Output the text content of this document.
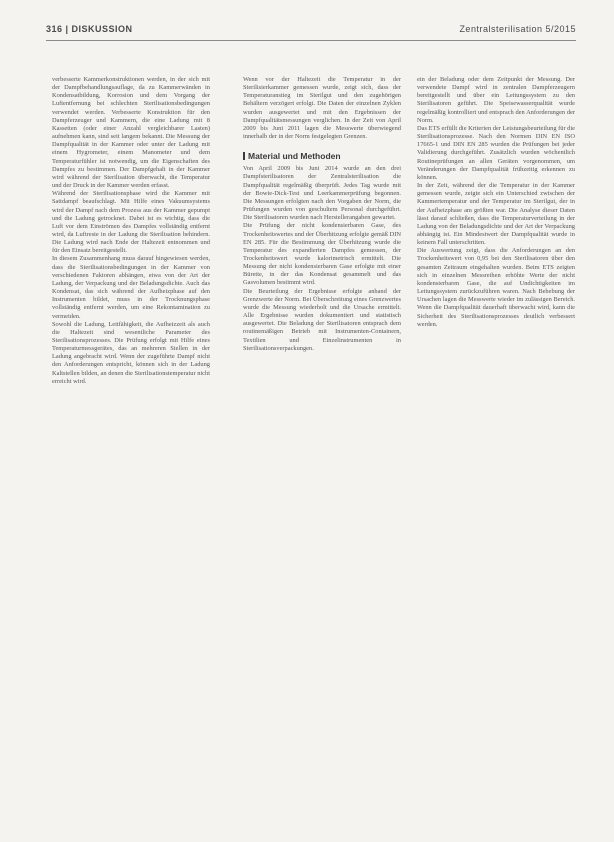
316 | DISKUSSION	Zentralsterilisation 5/2015

verbesserte Kammerkonstruktionen werden, in der sich mit der Dampfbehandlungsauflage, da zu Kammerwänden in Kondensatbildung, Korrosion und dem Vorgang der Luftentfernung bei schlechten Sterilisationsbedingungen verwendet werden. Verbesserte Konstruktion für den Dampferzeuger und Kammern, die eine Ladung mit 8 Kassetten (oder einer Anzahl vergleichbarer Lasten) aufnehmen kann, sind seit langem bekannt. Die Messung der Dampfqualität in der Kammer oder unter der Ladung mit einem Hygrometer, einem Manometer und dem Temperaturfühler ist notwendig, um die Eigenschaften des Dampfes zu bestimmen. Der Dampfgehalt in der Kammer wird während der Sterilisation überwacht, die Temperatur und der Druck in der Kammer werden erfasst.

Während der Sterilisationsphase wird die Kammer mit Sattdampf beaufschlagt. Mit Hilfe eines Vakuumsystems wird der Dampf nach dem Prozess aus der Kammer gepumpt und die Ladung getrocknet. Dabei ist es wichtig, dass die Luft vor dem Einströmen des Dampfes vollständig entfernt wird, da Luftreste in der Ladung die Sterilisation behindern. Die Ladung wird nach Ende der Haltezeit entnommen und für den Einsatz bereitgestellt.

In diesem Zusammenhang muss darauf hingewiesen werden, dass die Sterilisationsbedingungen in der Kammer von verschiedenen Faktoren abhängen, etwa von der Art der Ladung, der Verpackung und der Beladungsdichte. Auch das Kondensat, das sich während der Aufheizphase auf den Instrumenten bildet, muss in der Trocknungsphase vollständig entfernt werden, um eine Rekontamination zu vermeiden.

Sowohl die Ladung, Leitfähigkeit, die Aufheizzeit als auch die Haltezeit sind wesentliche Parameter des Sterilisationsprozesses. Die Prüfung erfolgt mit Hilfe eines Temperaturmessgerätes, das an mehreren Stellen in der Ladung angebracht wird. Wenn der zugeführte Dampf nicht den Anforderungen entspricht, können sich in der Ladung Kaltstellen bilden, an denen die Sterilisationstemperatur nicht erreicht wird.

Wenn vor der Haltezeit die Temperatur in der Sterilisierkammer gemessen wurde, zeigt sich, dass der Temperaturanstieg im Sterilgut und den zugehörigen Behältern verzögert erfolgt. Die Daten der einzelnen Zyklen wurden ausgewertet und mit den Ergebnissen der Dampfqualitätsmessungen verglichen. In der Zeit von April 2009 bis Juni 2011 lagen die Messwerte überwiegend innerhalb der in der Norm festgelegten Grenzen.

Material und Methoden

Von April 2009 bis Juni 2014 wurde an den drei Dampfsterilisatoren der Zentralsterilisation die Dampfqualität regelmäßig überprüft. Jedes Tag wurde mit der Bowie-Dick-Test und Leerkammerprüfung begonnen. Die Messungen erfolgten nach den Vorgaben der Norm, die Prüfungen wurden von geschultem Personal durchgeführt. Die Sterilisatoren wurden nach Herstellerangaben gewartet.

Die Prüfung der nicht kondensierbaren Gase, des Trockenheitswertes und der Überhitzung erfolgte gemäß DIN EN 285. Für die Bestimmung der Überhitzung wurde die Temperatur des expandierten Dampfes gemessen, der Trockenheitswert wurde kalorimetrisch ermittelt. Die Messung der nicht kondensierbaren Gase erfolgte mit einer Bürette, in der das Kondensat gesammelt und das Gasvolumen bestimmt wird.

Die Beurteilung der Ergebnisse erfolgte anhand der Grenzwerte der Norm. Bei Überschreitung eines Grenzwertes wurde die Messung wiederholt und die Ursache ermittelt. Alle Ergebnisse wurden dokumentiert und statistisch ausgewertet. Die Beladung der Sterilisatoren entsprach dem routinemäßigen Betrieb mit Instrumenten-Containern, Textilien und Einzelinstrumenten in Sterilisationsverpackungen.

ein der Beladung oder dem Zeitpunkt der Messung. Der verwendete Dampf wird in zentralen Dampferzeugern bereitgestellt und über ein Leitungssystem zu den Sterilisatoren geführt. Die Speisewasserqualität wurde regelmäßig kontrolliert und entsprach den Anforderungen der Norm.

Das ETS erfüllt die Kriterien der Leistungsbeurteilung für die Sterilisationsprozesse. Nach den Normen DIN EN ISO 17665-1 und DIN EN 285 wurden die Prüfungen bei jeder Validierung durchgeführt. Zusätzlich wurden wöchentlich Routineprüfungen an allen Geräten vorgenommen, um Veränderungen der Dampfqualität frühzeitig erkennen zu können.

In der Zeit, während der die Temperatur in der Kammer gemessen wurde, zeigte sich ein Unterschied zwischen der Kammertemperatur und der Temperatur im Sterilgut, der in der Aufheizphase am größten war. Die Analyse dieser Daten lässt darauf schließen, dass die Temperaturverteilung in der Ladung von der Beladungsdichte und der Art der Verpackung abhängig ist. Ein Mindestwert der Dampfqualität wurde in keinem Fall unterschritten.

Die Auswertung zeigt, dass die Anforderungen an den Trockenheitswert von 0,95 bei den Sterilisatoren über den gesamten Zeitraum eingehalten wurden. Beim ETS zeigten sich in einzelnen Messreihen erhöhte Werte der nicht kondensierbaren Gase, die auf Undichtigkeiten im Leitungssystem zurückzuführen waren. Nach Behebung der Ursachen lagen die Messwerte wieder im zulässigen Bereich. Wenn die Dampfqualität dauerhaft überwacht wird, kann die Sicherheit des Sterilisationsprozesses deutlich verbessert werden.
